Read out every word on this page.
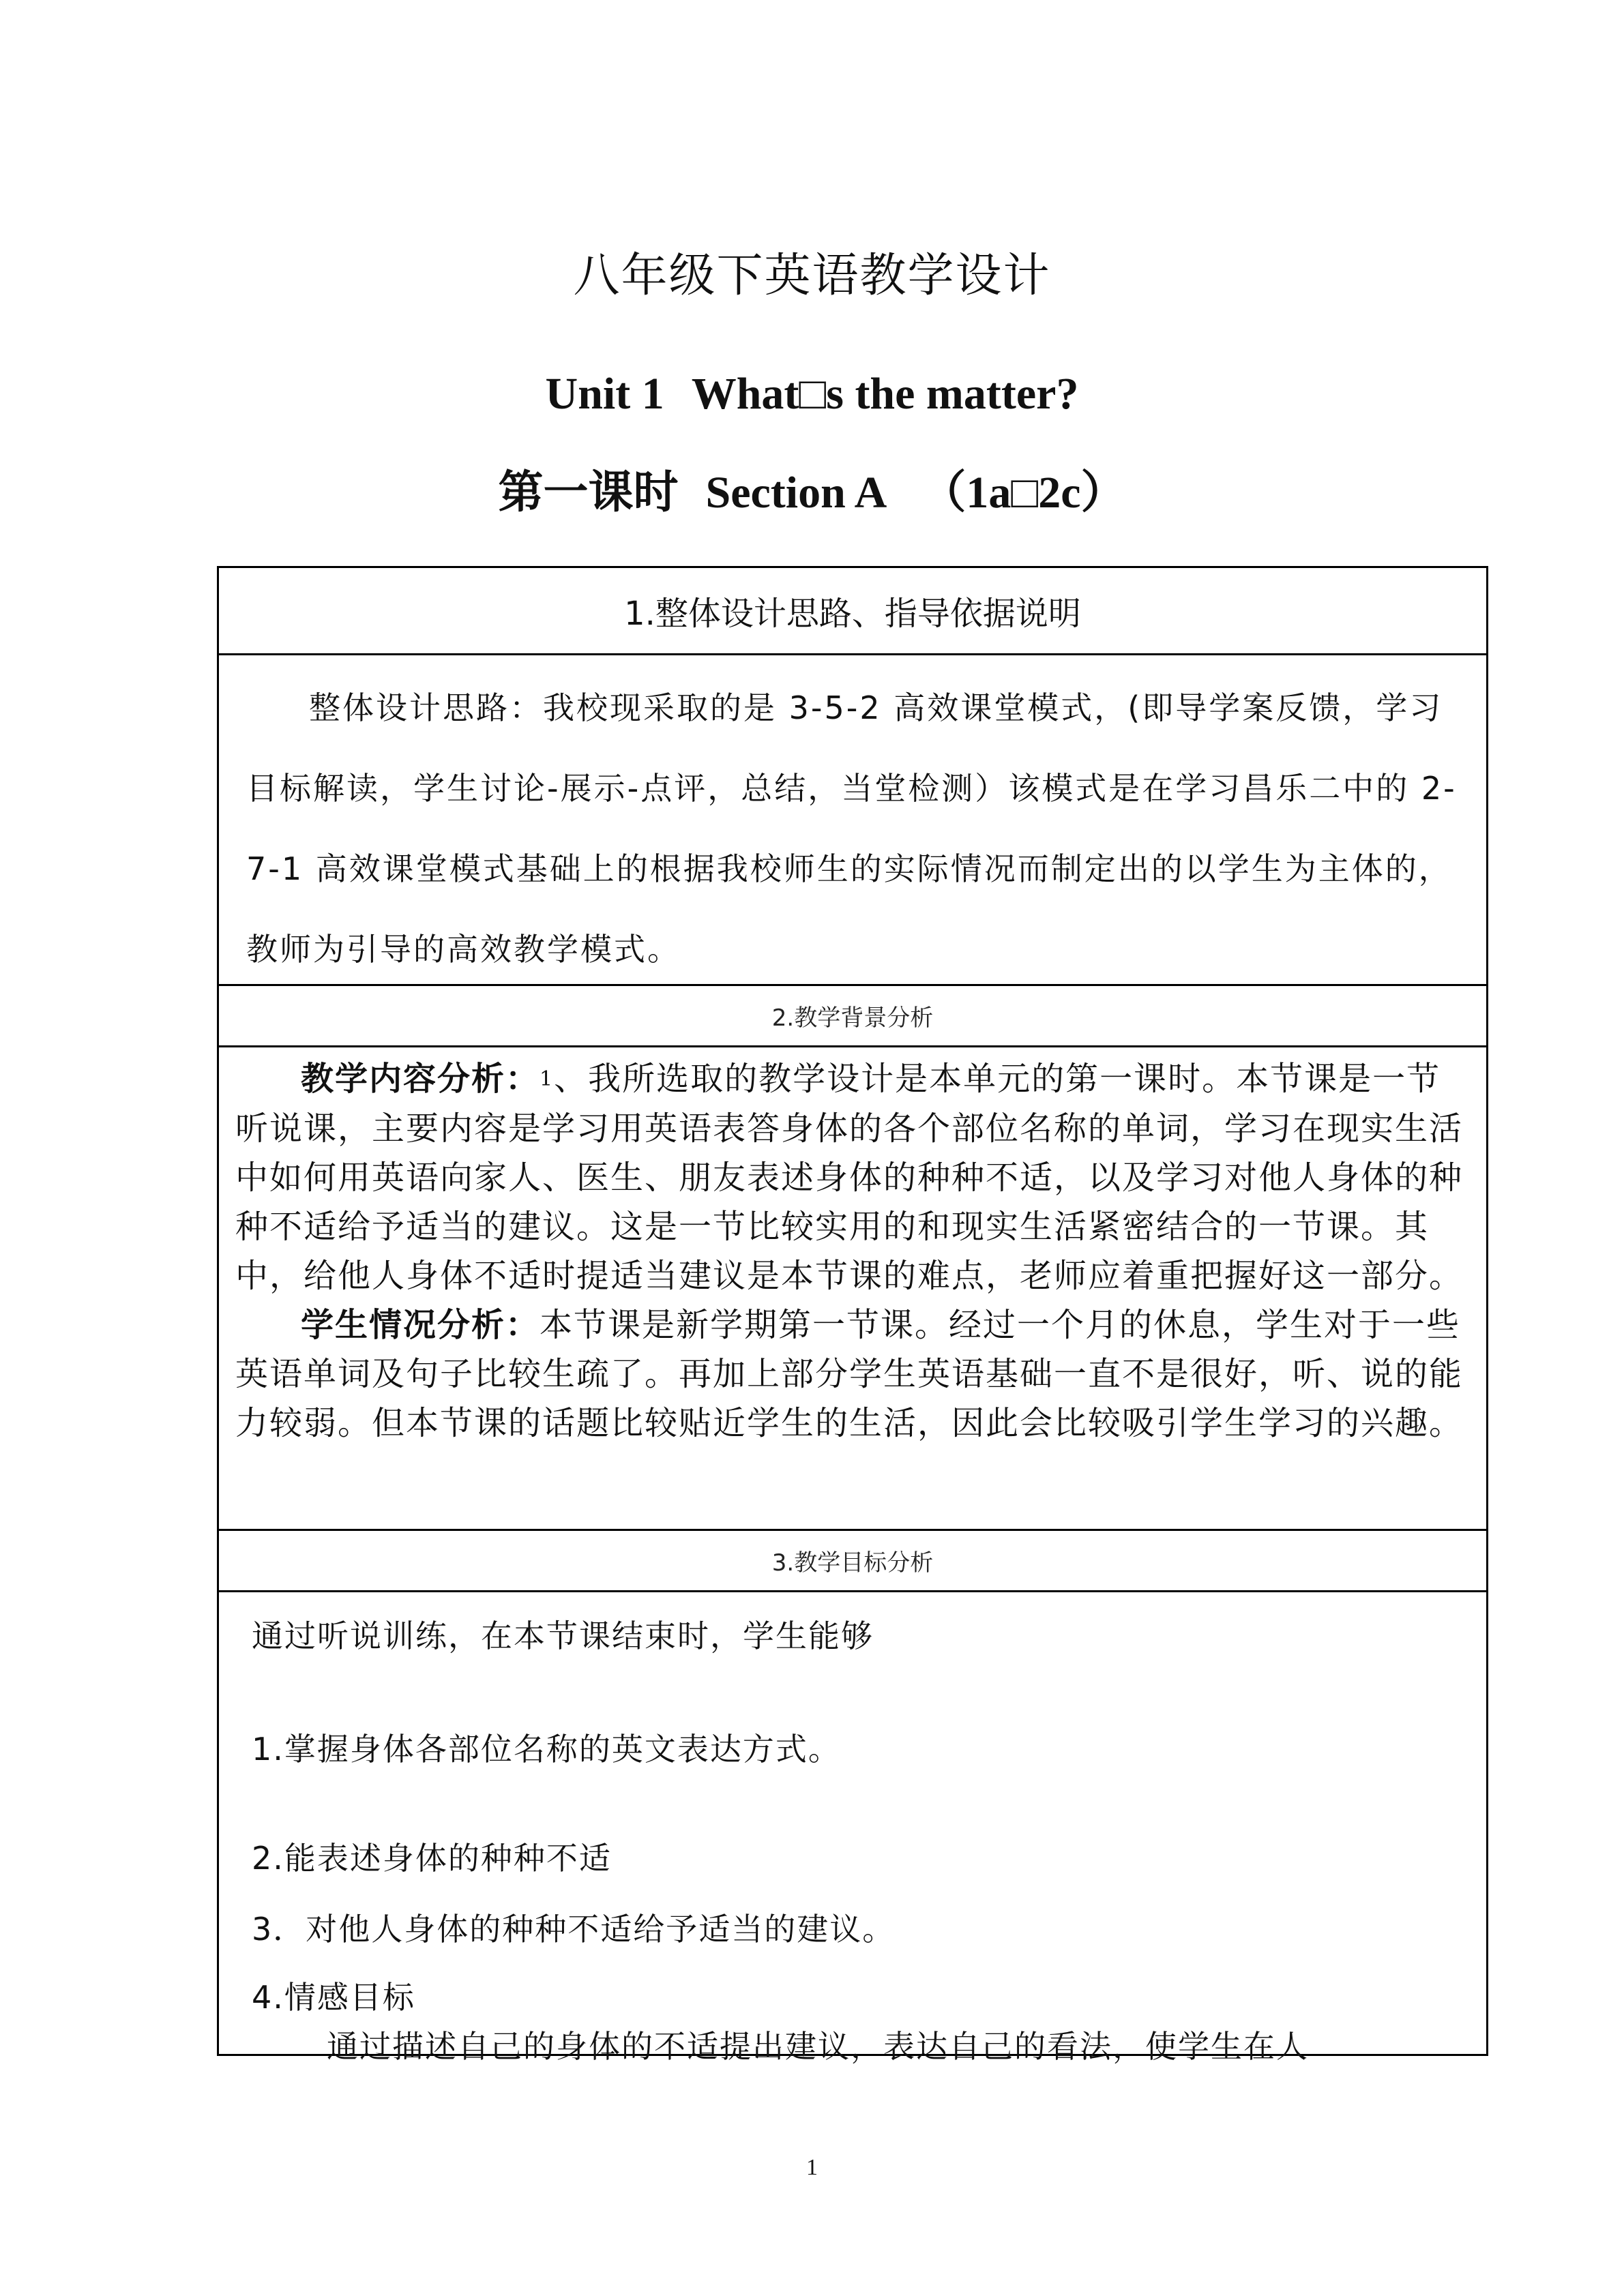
八年级下英语教学设计
Unit 1 What□s the matter?
第一课时 Section A （1a□2c）
1.整体设计思路、指导依据说明

整体设计思路：我校现采取的是 3-5-2 高效课堂模式，(即导学案反馈，学习目标解读，学生讨论-展示-点评，总结，当堂检测）该模式是在学习昌乐二中的 2-7-1 高效课堂模式基础上的根据我校师生的实际情况而制定出的以学生为主体的，教师为引导的高效教学模式。

2.教学背景分析

教学内容分析：1、我所选取的教学设计是本单元的第一课时。本节课是一节听说课，主要内容是学习用英语表答身体的各个部位名称的单词，学习在现实生活中如何用英语向家人、医生、朋友表述身体的种种不适，以及学习对他人身体的种种不适给予适当的建议。这是一节比较实用的和现实生活紧密结合的一节课。其中，给他人身体不适时提适当建议是本节课的难点，老师应着重把握好这一部分。

学生情况分析：本节课是新学期第一节课。经过一个月的休息，学生对于一些英语单词及句子比较生疏了。再加上部分学生英语基础一直不是很好，听、说的能力较弱。但本节课的话题比较贴近学生的生活，因此会比较吸引学生学习的兴趣。

3.教学目标分析
通过听说训练，在本节课结束时，学生能够
1.掌握身体各部位名称的英文表达方式。
2.能表述身体的种种不适
3．对他人身体的种种不适给予适当的建议。
4.情感目标
通过描述自己的身体的不适提出建议，表达自己的看法，使学生在人
1
